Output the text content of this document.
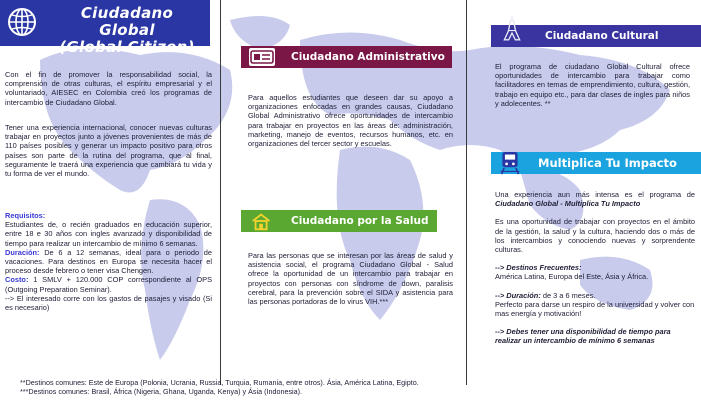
Ciudadano Global
(Global Citizen)

Con el fin de promover la responsabilidad social, la comprensión de otras culturas, el espíritu empresarial y el voluntariado, AIESEC en Colombia creó los programas de intercambio de Ciudadano Global.

Tener una experiencia internacional, conocer nuevas culturas trabajar en proyectos junto a jóvenes provenientes de más de 110 países posibles y generar un impacto positivo para otros países son parte de la rutina del programa, que al final, seguramente le traerá una experiencia que cambiará tu vida y tu forma de ver el mundo.

Requisitos:

Estudiantes de, o recién graduados en educación superior, entre 18 e 30 años con ingles avanzado y disponibilidad de tiempo para realizar un intercambio de mínimo 6 semanas.

Duración: De 6 a 12 semanas, ideal para o periodo de vacaciones. Para destinos en Europa se necesita hacer el proceso desde febrero o tener visa Chengen.

Costo: 1 SMLV + 120.000 COP correspondiente al OPS (Outgoing Preparation Seminar).

--> El interesado corre con los gastos de pasajes y visado (Si es necesario)

Ciudadano Administrativo

Para aquellos estudiantes que deseen dar su apoyo a organizaciones enfocadas en grandes causas, Ciudadano Global Administrativo ofrece oportunidades de intercambio para trabajar en proyectos en las áreas de: administración, marketing, manejo de eventos, recursos humanos, etc. en organizaciones del tercer sector y escuelas.

Ciudadano por la Salud

Para las personas que se interesan por las áreas de salud y asistencia social, el programa Ciudadano Global - Salud ofrece la oportunidad de un intercambio para trabajar en proyectos con personas con síndrome de down, paralisis cerebral, para la prevención sobre el SIDA y asistencia para las personas portadoras de lo virus VIH.***

Ciudadano Cultural

El programa de ciudadano Global Cultural ofrece oportunidades de intercambio para trabajar como facilitadores en temas de emprendimiento, cultura, gestión, trabajo en equipo etc., para dar clases de ingles para niños y adolecentes. **

Multiplica Tu Impacto

Una experiencia aun más intensa es el programa de Ciudadano Global - Multiplica Tu Impacto

Es una oportunidad de trabajar con proyectos en el ámbito de la gestión, la salud y la cultura, haciendo dos o más de los intercambios y conociendo nuevas y sorprendente culturas.

--> Destinos Frecuentes:

América Latina, Europa del Este, Ásia y África.

--> Duración: de 3 a 6 meses.

Perfecto para darse un respiro de la universidad y volver con mas energía y motivación!

--> Debes tener una disponibilidad de tiempo para realizar un intercambio de mínimo 6 semanas

**Destinos comunes: Este de Europa (Polonia, Ucrania, Russia, Turquia, Rumania, entre otros). Ásia, América Latina, Egipto.

***Destinos comunes: Brasil, África (Nigeria, Ghana, Uganda, Kenya) y Ásia (Indonesia).
